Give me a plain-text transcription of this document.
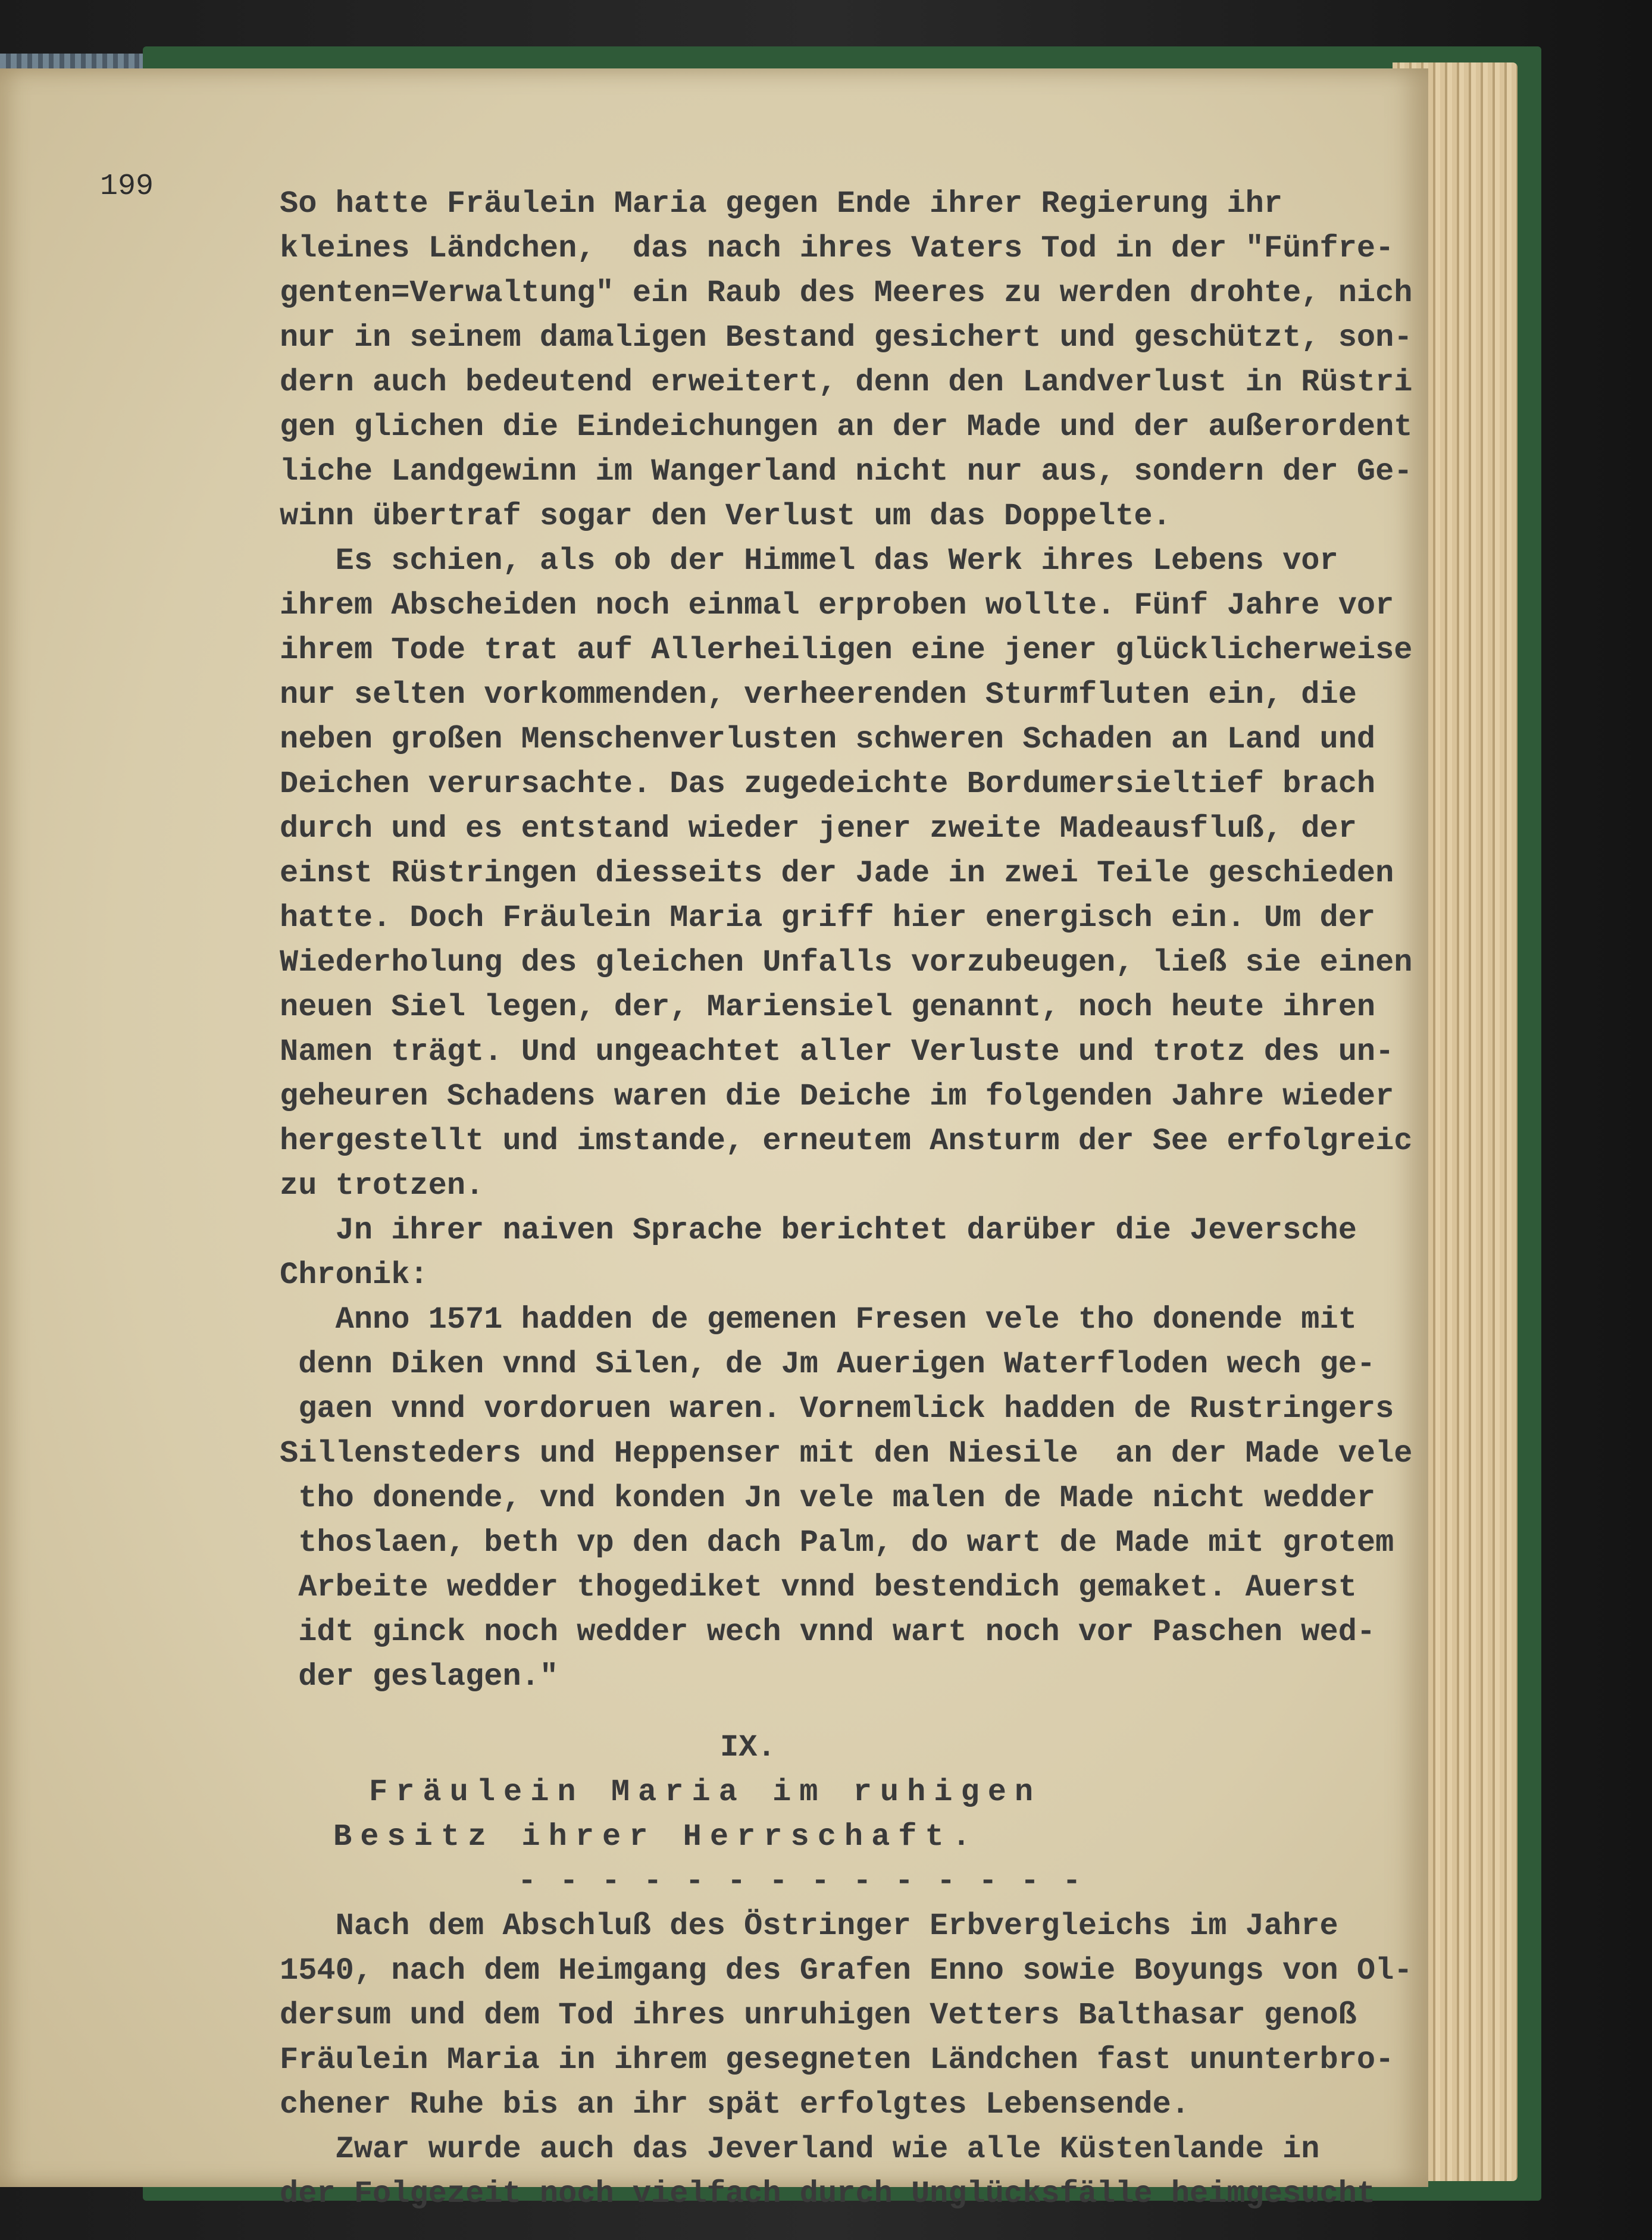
199	So hatte Fräulein Maria gegen Ende ihrer Regierung ihr
kleines Ländchen,  das nach ihres Vaters Tod in der "Fünfre-
genten=Verwaltung" ein Raub des Meeres zu werden drohte, nich
nur in seinem damaligen Bestand gesichert und geschützt, son-
dern auch bedeutend erweitert, denn den Landverlust in Rüstri
gen glichen die Eindeichungen an der Made und der außerordent
liche Landgewinn im Wangerland nicht nur aus, sondern der Ge-
winn übertraf sogar den Verlust um das Doppelte.
Es schien, als ob der Himmel das Werk ihres Lebens vor
ihrem Abscheiden noch einmal erproben wollte. Fünf Jahre vor
ihrem Tode trat auf Allerheiligen eine jener glücklicherweise
nur selten vorkommenden, verheerenden Sturmfluten ein, die
neben großen Menschenverlusten schweren Schaden an Land und
Deichen verursachte. Das zugedeichte Bordumersieltief brach
durch und es entstand wieder jener zweite Madeausfluß, der
einst Rüstringen diesseits der Jade in zwei Teile geschieden
hatte. Doch Fräulein Maria griff hier energisch ein. Um der
Wiederholung des gleichen Unfalls vorzubeugen, ließ sie einen
neuen Siel legen, der, Mariensiel genannt, noch heute ihren
Namen trägt. Und ungeachtet aller Verluste und trotz des un-
geheuren Schadens waren die Deiche im folgenden Jahre wieder
hergestellt und imstande, erneutem Ansturm der See erfolgreic
zu trotzen.
Jn ihrer naiven Sprache berichtet darüber die Jeversche
Chronik:
Anno 1571 hadden de gemenen Fresen vele tho donende mit
denn Diken vnnd Silen, de Jm Auerigen Waterfloden wech ge-
gaen vnnd vordoruen waren. Vornemlick hadden de Rustringers
Sillensteders und Heppenser mit den Niesile  an der Made vele
tho donende, vnd konden Jn vele malen de Made nicht wedder
thoslaen, beth vp den dach Palm, do wart de Made mit grotem
Arbeite wedder thogediket vnnd bestendich gemaket. Auerst
idt ginck noch wedder wech vnnd wart noch vor Paschen wed-
der geslagen."
IX.
Fräulein Maria im ruhigen
Besitz ihrer Herrschaft.
- - - - - - - - - - - - - -
Nach dem Abschluß des Östringer Erbvergleichs im Jahre
1540, nach dem Heimgang des Grafen Enno sowie Boyungs von Ol-
dersum und dem Tod ihres unruhigen Vetters Balthasar genoß
Fräulein Maria in ihrem gesegneten Ländchen fast ununterbro-
chener Ruhe bis an ihr spät erfolgtes Lebensende.
Zwar wurde auch das Jeverland wie alle Küstenlande in
der Folgezeit noch vielfach durch Unglücksfälle heimgesucht
